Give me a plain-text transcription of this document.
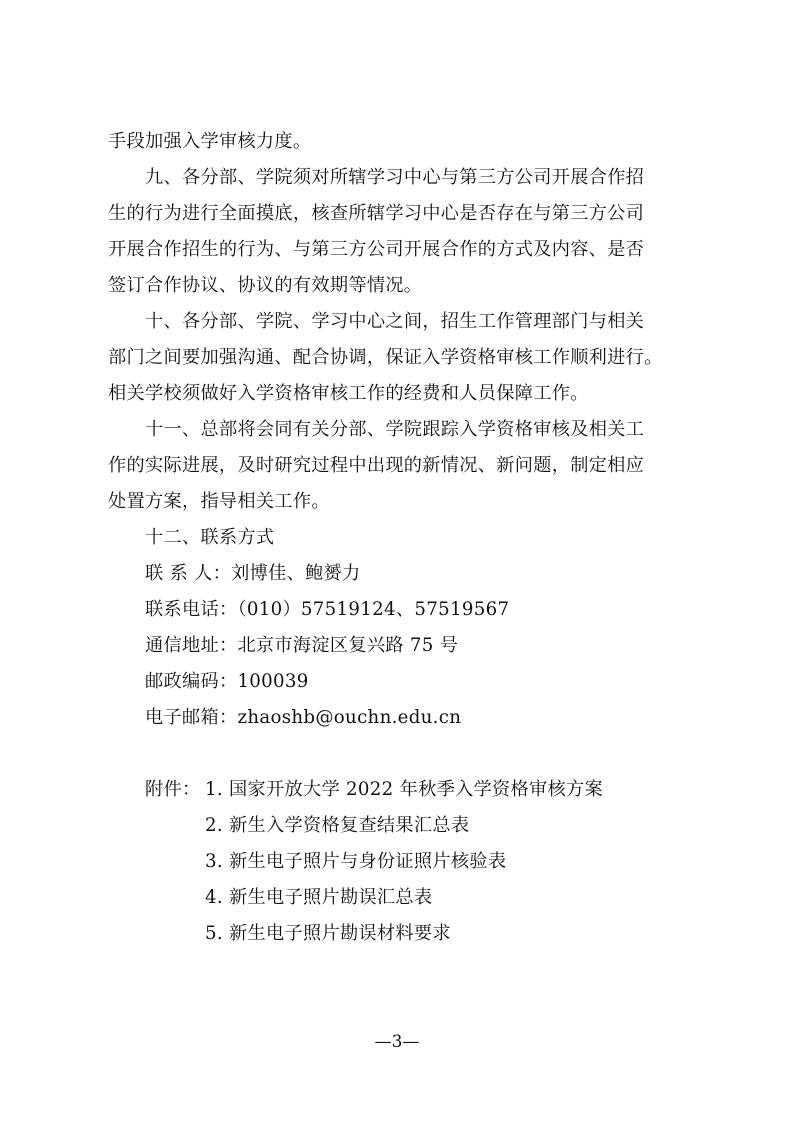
手段加强入学审核力度。
九、各分部、学院须对所辖学习中心与第三方公司开展合作招
生的行为进行全面摸底，核查所辖学习中心是否存在与第三方公司
开展合作招生的行为、与第三方公司开展合作的方式及内容、是否
签订合作协议、协议的有效期等情况。
十、各分部、学院、学习中心之间，招生工作管理部门与相关
部门之间要加强沟通、配合协调，保证入学资格审核工作顺利进行。
相关学校须做好入学资格审核工作的经费和人员保障工作。
十一、总部将会同有关分部、学院跟踪入学资格审核及相关工
作的实际进展，及时研究过程中出现的新情况、新问题，制定相应
处置方案，指导相关工作。
十二、联系方式
联 系 人：刘博佳、鲍赟力
联系电话：（010）57519124、57519567
通信地址：北京市海淀区复兴路 75 号
邮政编码：100039
电子邮箱：zhaoshb@ouchn.edu.cn
附件： 1. 国家开放大学 2022 年秋季入学资格审核方案
2. 新生入学资格复查结果汇总表
3. 新生电子照片与身份证照片核验表
4. 新生电子照片勘误汇总表
5. 新生电子照片勘误材料要求
—3—
